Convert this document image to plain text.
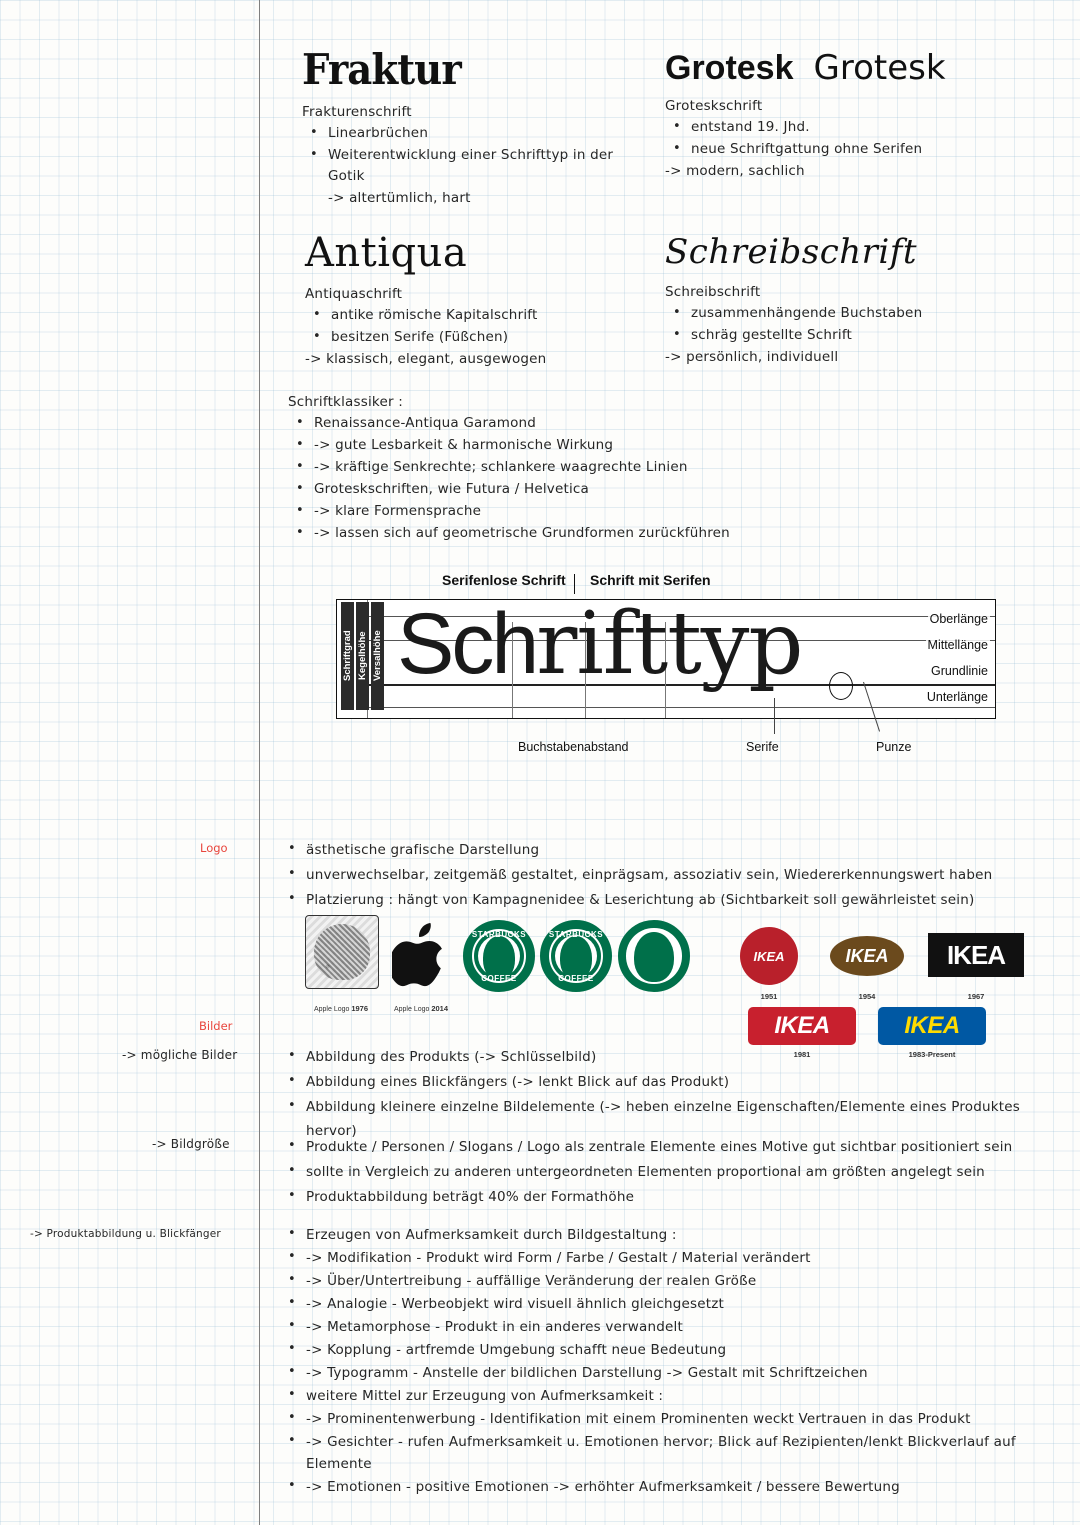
Fraktur
Frakturenschrift
• Linearbrüchen
• Weiterentwicklung einer Schrifttyp in der Gotik
-> altertümlich, hart
Grotesk Grotesk
Groteskschrift
• entstand 19. Jhd.
• neue Schriftgattung ohne Serifen
-> modern, sachlich
Antiqua
Antiquaschrift
• antike römische Kapitalschrift
• besitzen Serife (Füßchen)
-> klassisch, elegant, ausgewogen
Schreibschrift
Schreibschrift
• zusammenhängende Buchstaben
• schräg gestellte Schrift
-> persönlich, individuell
Schriftklassiker :
• Renaissance-Antiqua Garamond
• -> gute Lesbarkeit & harmonische Wirkung
• -> kräftige Senkrechte; schlankere waagrechte Linien
• Groteskschriften, wie Futura / Helvetica
• -> klare Formensprache
• -> lassen sich auf geometrische Grundformen zurückführen
Serifenlose Schrift Schrift mit Serifen
Schrifttyp
Schriftgrad Kegelhöhe Versalhöhe
Oberlänge
Mittellänge
Grundlinie
Unterlänge
Buchstabenabstand	Serife	Punze
Logo	• ästhetische grafische Darstellung
• unverwechselbar, zeitgemäß gestaltet, einprägsam, assoziativ sein, Wiedererkennungswert haben
• Platzierung : hängt von Kampagnenidee & Leserichtung ab (Sichtbarkeit soll gewährleistet sein)
Apple Logo 1976	Apple Logo 2014
STARBUCKS
COFFEE
STARBUCKS
COFFEE
IKEA
1951
IKEA
1954
IKEA
1967
IKEA
1981
IKEA
1983-Present
Bilder
-> mögliche Bilder	• Abbildung des Produkts (-> Schlüsselbild)
• Abbildung eines Blickfängers (-> lenkt Blick auf das Produkt)
• Abbildung kleinere einzelne Bildelemente (-> heben einzelne Eigenschaften/Elemente eines Produktes hervor)
-> Bildgröße	• Produkte / Personen / Slogans / Logo als zentrale Elemente eines Motive gut sichtbar positioniert sein
• sollte in Vergleich zu anderen untergeordneten Elementen proportional am größten angelegt sein
• Produktabbildung beträgt 40% der Formathöhe
-> Produktabbildung u. Blickfänger	• Erzeugen von Aufmerksamkeit durch Bildgestaltung :
• -> Modifikation - Produkt wird Form / Farbe / Gestalt / Material verändert
• -> Über/Untertreibung - auffällige Veränderung der realen Größe
• -> Analogie - Werbeobjekt wird visuell ähnlich gleichgesetzt
• -> Metamorphose - Produkt in ein anderes verwandelt
• -> Kopplung - artfremde Umgebung schafft neue Bedeutung
• -> Typogramm - Anstelle der bildlichen Darstellung -> Gestalt mit Schriftzeichen
• weitere Mittel zur Erzeugung von Aufmerksamkeit :
• -> Prominentenwerbung - Identifikation mit einem Prominenten weckt Vertrauen in das Produkt
• -> Gesichter - rufen Aufmerksamkeit u. Emotionen hervor; Blick auf Rezipienten/lenkt Blickverlauf auf Elemente
• -> Emotionen - positive Emotionen -> erhöhter Aufmerksamkeit / bessere Bewertung
